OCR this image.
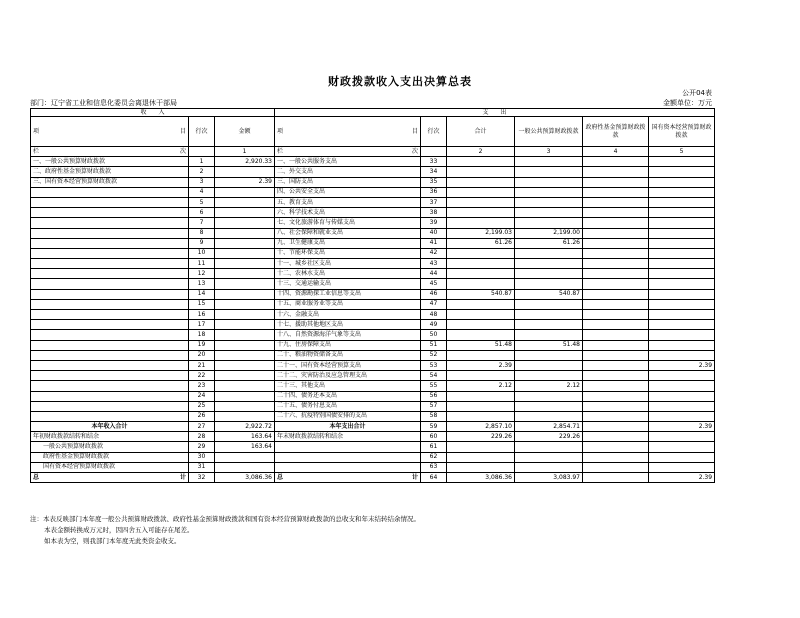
财政拨款收入支出决算总表
公开04表
部门：辽宁省工业和信息化委员会离退休干部局	金额单位：万元
收　　入			支　　出					

项 目	行次	金额	项 目	行次	合计	一般公共预算财政拨款	政府性基金预算财政拨款	国有资本经营预算财政拨款

栏 次		1	栏 次		2	3	4	5
一、一般公共预算财政拨款	1	2,920.33	一、一般公共服务支出	33				
二、政府性基金预算财政拨款	2		二、外交支出	34				
三、国有资本经营预算财政拨款	3	2.39	三、国防支出	35				
	4		四、公共安全支出	36				
	5		五、教育支出	37				
	6		六、科学技术支出	38				
	7		七、文化旅游体育与传媒支出	39				
	8		八、社会保障和就业支出	40	2,199.03	2,199.00		
	9		九、卫生健康支出	41	61.26	61.26		
	10		十、节能环保支出	42				
	11		十一、城乡社区支出	43				
	12		十二、农林水支出	44				
	13		十三、交通运输支出	45				
	14		十四、资源勘探工业信息等支出	46	540.87	540.87		
	15		十五、商业服务业等支出	47				
	16		十六、金融支出	48				
	17		十七、援助其他地区支出	49				
	18		十八、自然资源海洋气象等支出	50				
	19		十九、住房保障支出	51	51.48	51.48		
	20		二十、粮油物资储备支出	52				
	21		二十一、国有资本经营预算支出	53	2.39			2.39
	22		二十二、灾害防治及应急管理支出	54				
	23		二十三、其他支出	55	2.12	2.12		
	24		二十四、债务还本支出	56				
	25		二十五、债务付息支出	57				
	26		二十六、抗疫特别国债安排的支出	58				
本年收入合计	27	2,922.72	本年支出合计	59	2,857.10	2,854.71		2.39
年初财政拨款结转和结余	28	163.64	年末财政拨款结转和结余	60	229.26	229.26		
一般公共预算财政拨款	29	163.64		61				
政府性基金预算财政拨款	30			62				
国有资本经营预算财政拨款	31			63				

总 计	32	3,086.36	总 计	64	3,086.36	3,083.97		2.39
注：本表反映部门本年度一般公共预算财政拨款、政府性基金预算财政拨款和国有资本经营预算财政拨款的总收支和年末结转结余情况。
本表金额转换成万元时，因四舍五入可能存在尾差。
如本表为空，则我部门本年度无此类资金收支。
